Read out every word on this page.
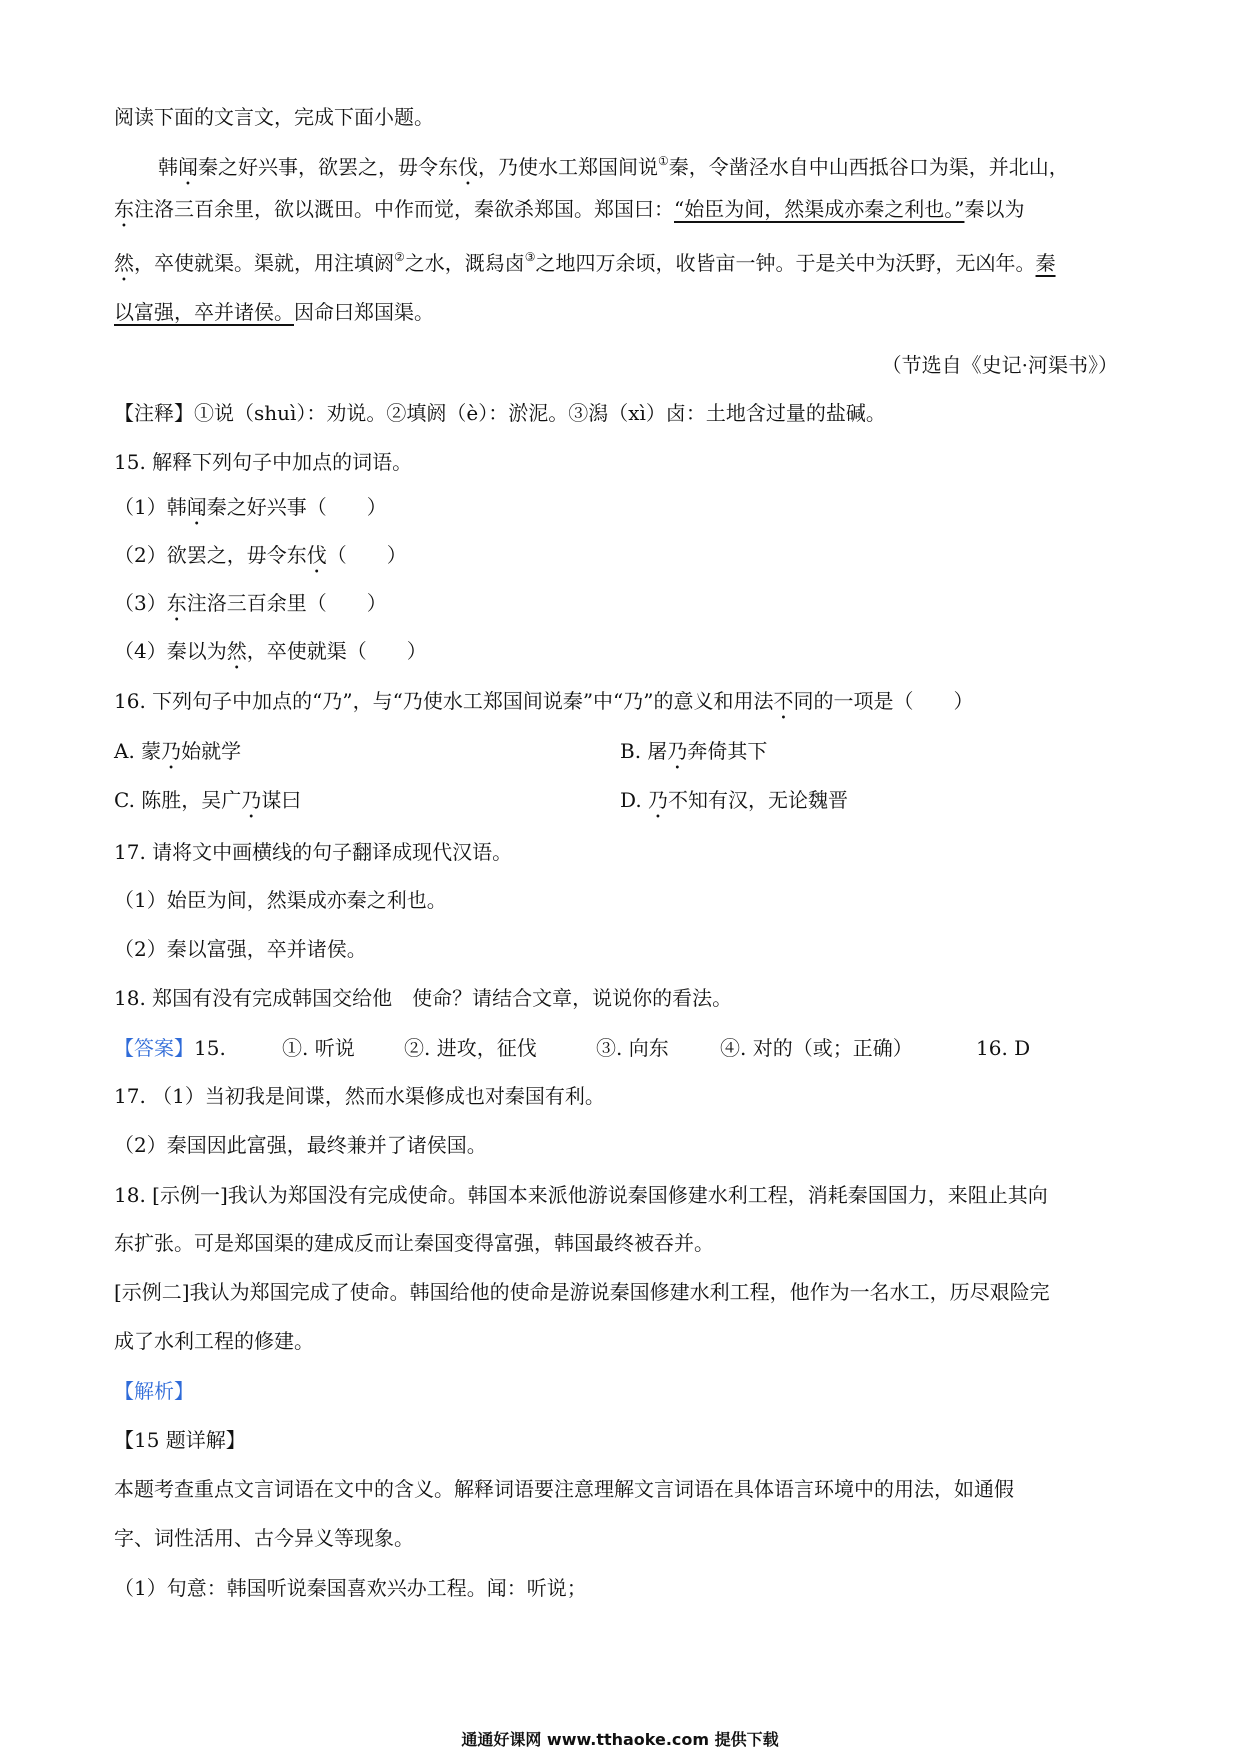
阅读下面的文言文，完成下面小题。
韩闻秦之好兴事，欲罢之，毋令东伐，乃使水工郑国间说①秦，令凿泾水自中山西抵谷口为渠，并北山，
东注洛三百余里，欲以溉田。中作而觉，秦欲杀郑国。郑国曰：“始臣为间，然渠成亦秦之利也。”秦以为
然，卒使就渠。渠就，用注填阏②之水，溉舄卤③之地四万余顷，收皆亩一钟。于是关中为沃野，无凶年。秦
以富强，卒并诸侯。因命曰郑国渠。
（节选自《史记·河渠书》）
【注释】①说（shuì）：劝说。②填阏（è）：淤泥。③潟（xì）卤：土地含过量的盐碱。
15. 解释下列句子中加点的词语。
（1）韩闻秦之好兴事（　　）
（2）欲罢之，毋令东伐（　　）
（3）东注洛三百余里（　　）
（4）秦以为然，卒使就渠（　　）
16. 下列句子中加点的“乃”，与“乃使水工郑国间说秦”中“乃”的意义和用法不同的一项是（　　）
A. 蒙乃始就学	B. 屠乃奔倚其下
C. 陈胜，吴广乃谋曰	D. 乃不知有汉，无论魏晋
17. 请将文中画横线的句子翻译成现代汉语。
（1）始臣为间，然渠成亦秦之利也。
（2）秦以富强，卒并诸侯。
18. 郑国有没有完成韩国交给他　使命？请结合文章，说说你的看法。
【答案】15.	①. 听说 ②. 进攻，征伐	③. 向东	④. 对的（或；正确）	16. D
17. （1）当初我是间谍，然而水渠修成也对秦国有利。
（2）秦国因此富强，最终兼并了诸侯国。
18. [示例一]我认为郑国没有完成使命。韩国本来派他游说秦国修建水利工程，消耗秦国国力，来阻止其向
东扩张。可是郑国渠的建成反而让秦国变得富强，韩国最终被吞并。
[示例二]我认为郑国完成了使命。韩国给他的使命是游说秦国修建水利工程，他作为一名水工，历尽艰险完
成了水利工程的修建。
【解析】
【15 题详解】
本题考查重点文言词语在文中的含义。解释词语要注意理解文言词语在具体语言环境中的用法，如通假
字、词性活用、古今异义等现象。
（1）句意：韩国听说秦国喜欢兴办工程。闻：听说；
通通好课网 www.tthaoke.com 提供下载
